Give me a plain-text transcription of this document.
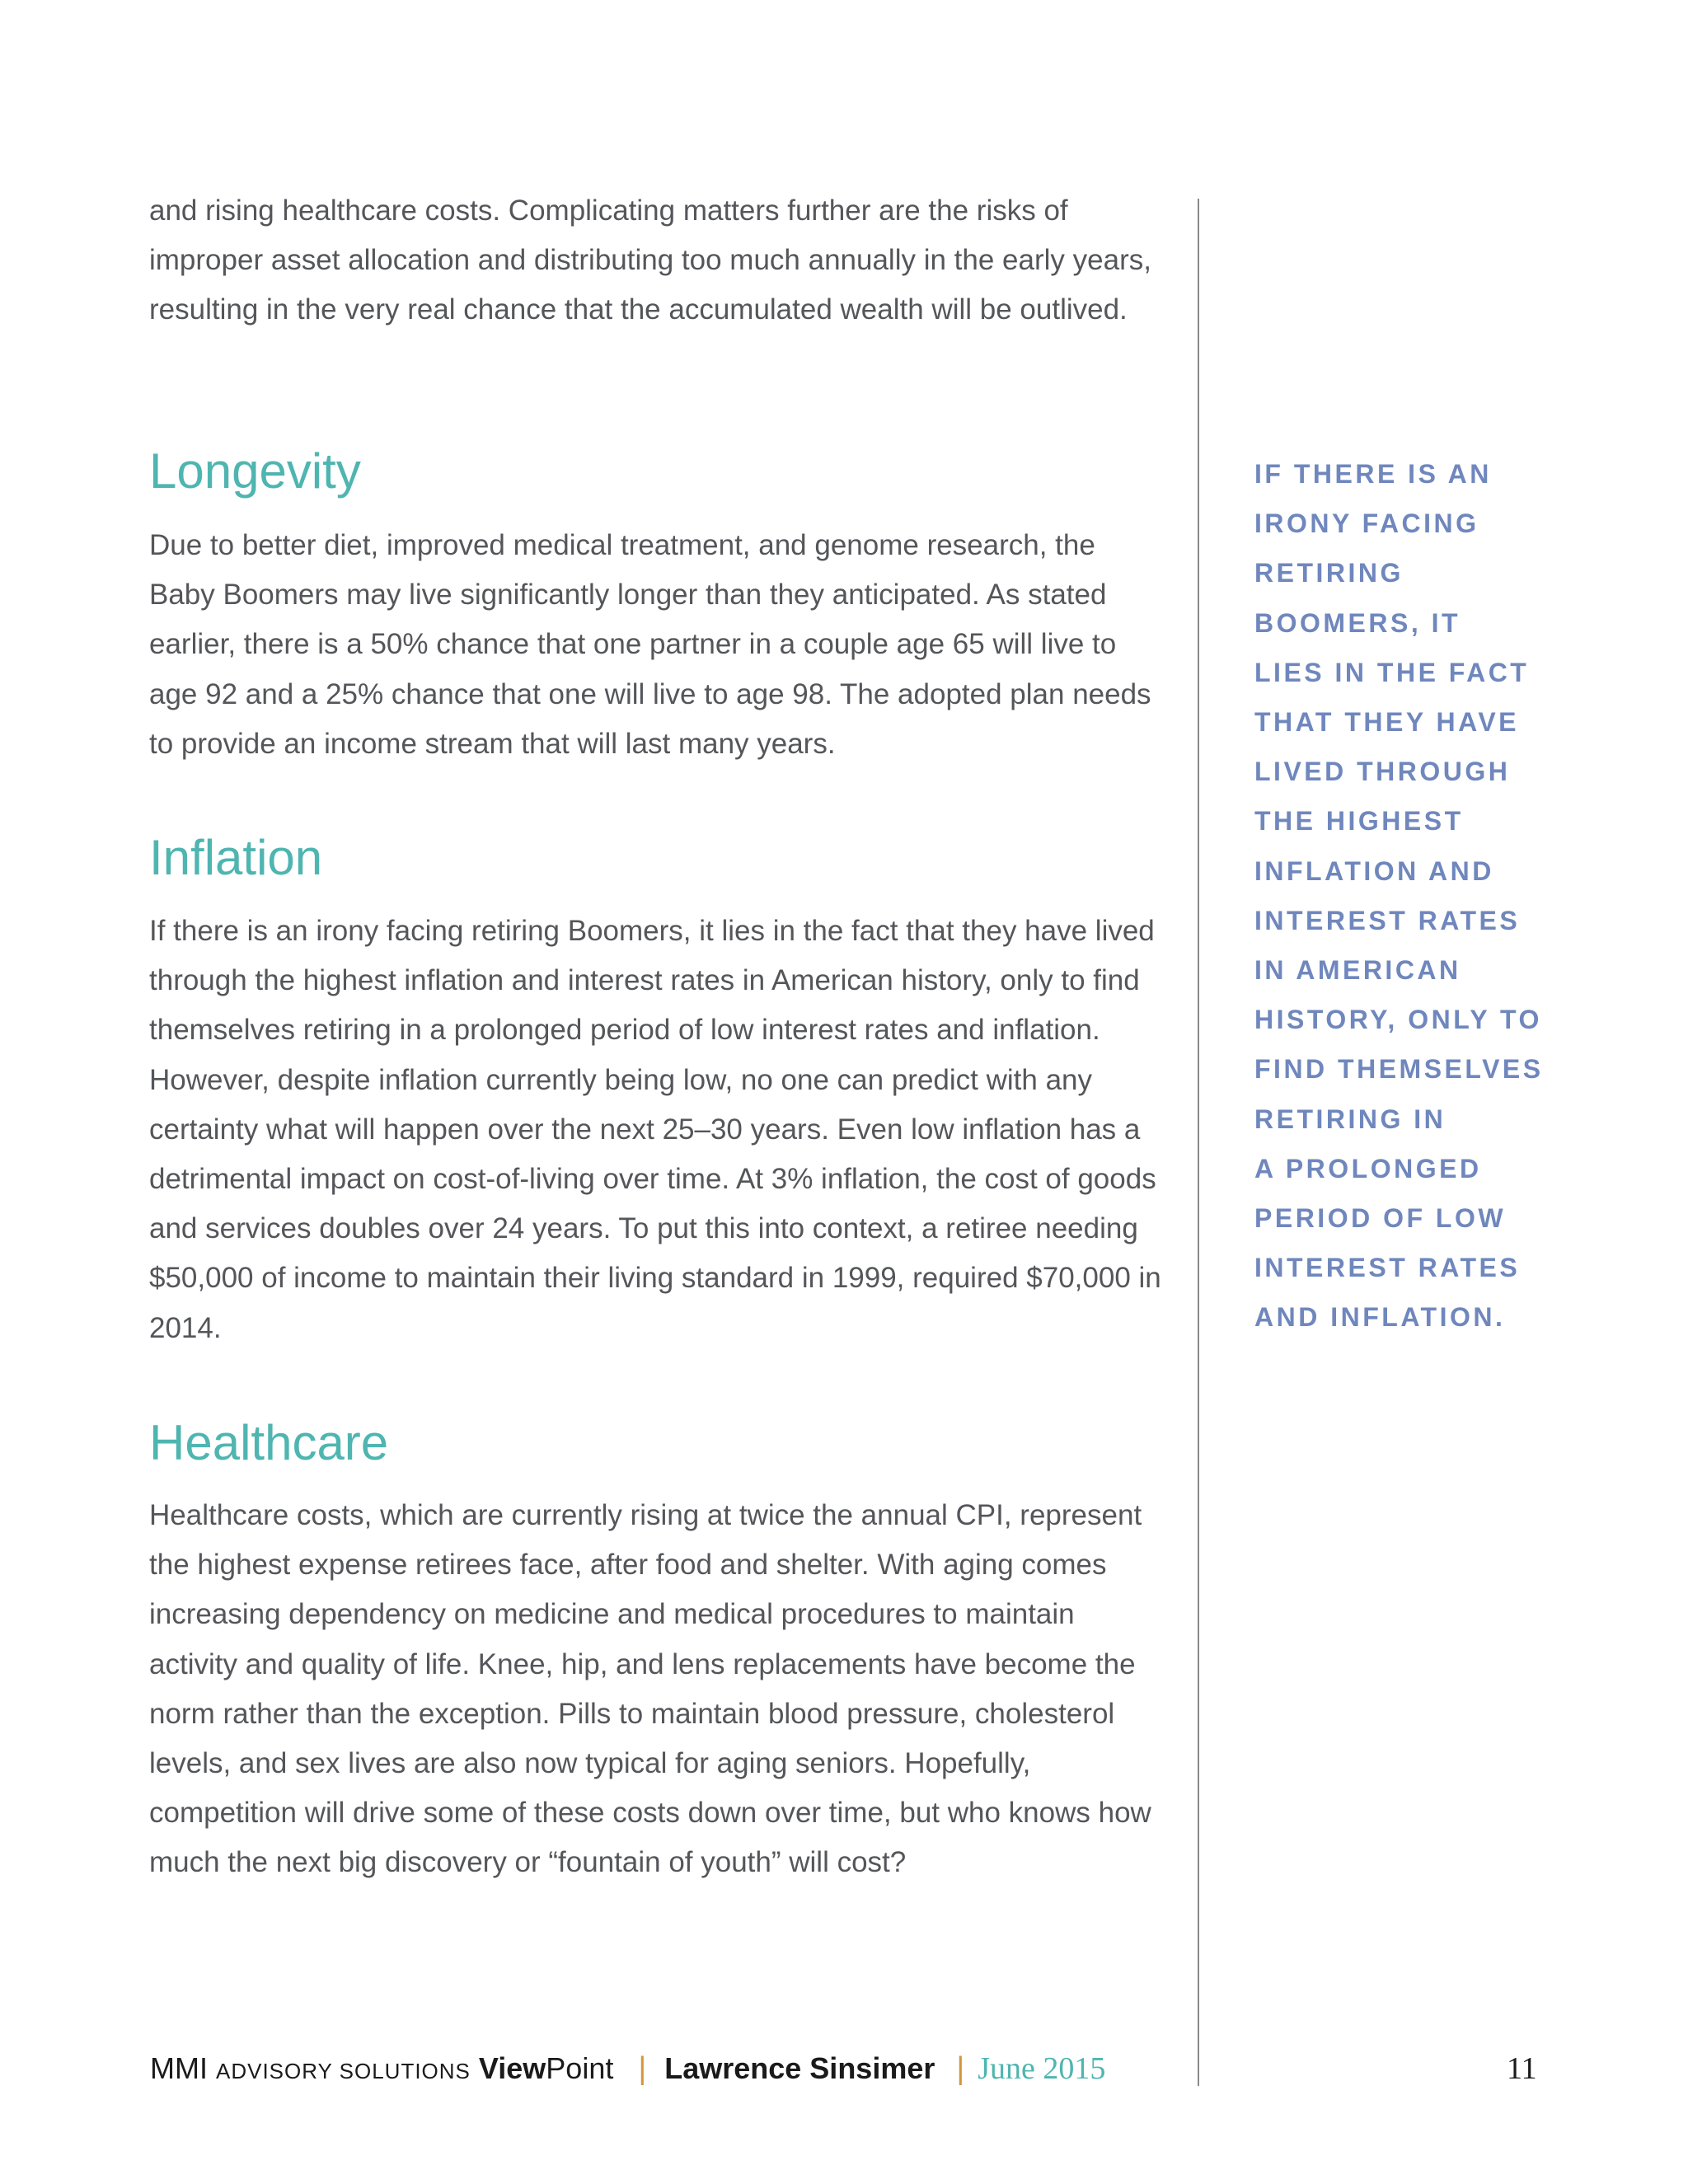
and rising healthcare costs. Complicating matters further are the risks of improper asset allocation and distributing too much annually in the early years, resulting in the very real chance that the accumulated wealth will be outlived.

Longevity

Due to better diet, improved medical treatment, and genome research, the Baby Boomers may live significantly longer than they anticipated. As stated earlier, there is a 50% chance that one partner in a couple age 65 will live to age 92 and a 25% chance that one will live to age 98. The adopted plan needs to provide an income stream that will last many years.

Inflation

If there is an irony facing retiring Boomers, it lies in the fact that they have lived through the highest inflation and interest rates in American history, only to find themselves retiring in a prolonged period of low interest rates and inflation. However, despite inflation currently being low, no one can predict with any certainty what will happen over the next 25–30 years. Even low inflation has a detrimental impact on cost-of-living over time. At 3% inflation, the cost of goods and services doubles over 24 years. To put this into context, a retiree needing $50,000 of income to maintain their living standard in 1999, required $70,000 in 2014.

Healthcare

Healthcare costs, which are currently rising at twice the annual CPI, represent the highest expense retirees face, after food and shelter. With aging comes increasing dependency on medicine and medical procedures to maintain activity and quality of life. Knee, hip, and lens replacements have become the norm rather than the exception. Pills to maintain blood pressure, cholesterol levels, and sex lives are also now typical for aging seniors. Hopefully, competition will drive some of these costs down over time, but who knows how much the next big discovery or “fountain of youth” will cost?

IF THERE IS AN
IRONY FACING
RETIRING
BOOMERS, IT
LIES IN THE FACT
THAT THEY HAVE
LIVED THROUGH
THE HIGHEST
INFLATION AND
INTEREST RATES
IN AMERICAN
HISTORY, ONLY TO
FIND THEMSELVES
RETIRING IN
A PROLONGED
PERIOD OF LOW
INTEREST RATES
AND INFLATION.
MMI ADVISORY SOLUTIONS View Point | Lawrence Sinsimer | June 2015	11
